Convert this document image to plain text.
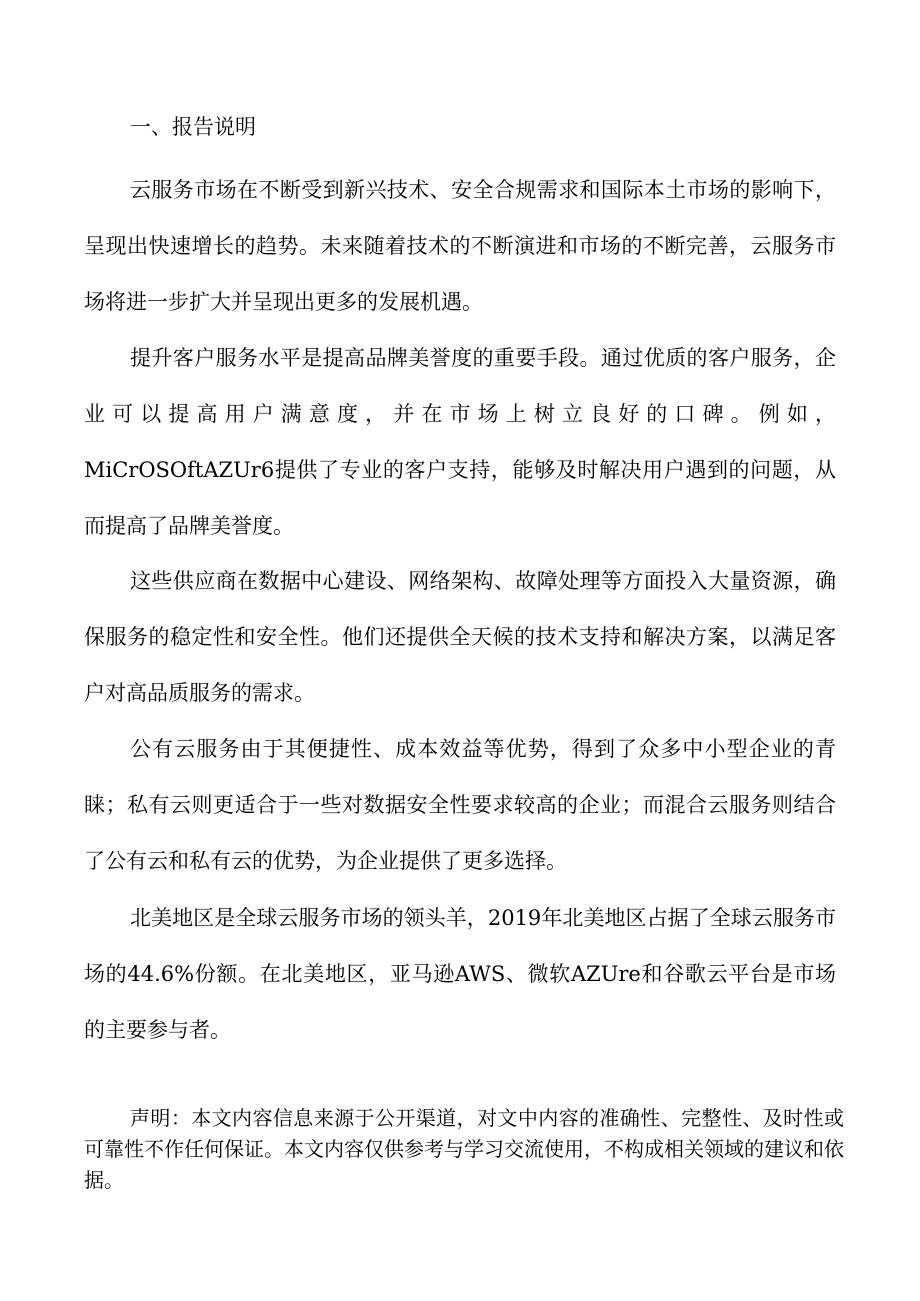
一、报告说明

云服务市场在不断受到新兴技术、安全合规需求和国际本土市场的影响下，呈现出快速增长的趋势。未来随着技术的不断演进和市场的不断完善，云服务市场将进一步扩大并呈现出更多的发展机遇。

提升客户服务水平是提高品牌美誉度的重要手段。通过优质的客户服务，企业可以提高用户满意度，并在市场上树立良好的口碑。例如，MiCrOSOftAZUr6提供了专业的客户支持，能够及时解决用户遇到的问题，从而提高了品牌美誉度。

这些供应商在数据中心建设、网络架构、故障处理等方面投入大量资源，确保服务的稳定性和安全性。他们还提供全天候的技术支持和解决方案，以满足客户对高品质服务的需求。

公有云服务由于其便捷性、成本效益等优势，得到了众多中小型企业的青睐；私有云则更适合于一些对数据安全性要求较高的企业；而混合云服务则结合了公有云和私有云的优势，为企业提供了更多选择。

北美地区是全球云服务市场的领头羊，2019年北美地区占据了全球云服务市场的44.6%份额。在北美地区，亚马逊AWS、微软AZUre和谷歌云平台是市场的主要参与者。

声明：本文内容信息来源于公开渠道，对文中内容的准确性、完整性、及时性或可靠性不作任何保证。本文内容仅供参考与学习交流使用，不构成相关领域的建议和依据。
